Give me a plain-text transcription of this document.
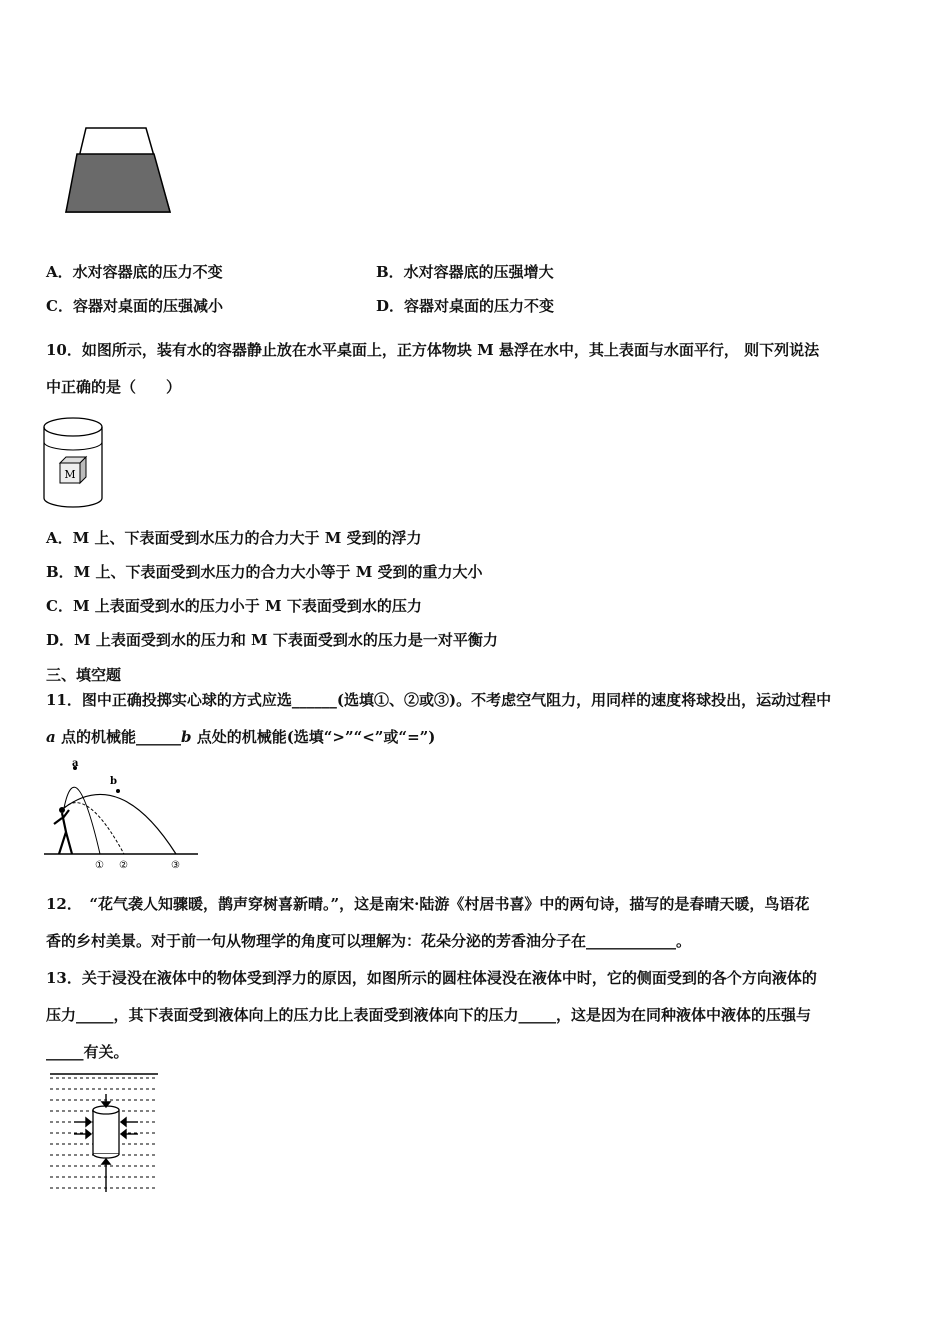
A．水对容器底的压力不变	B．水对容器底的压强增大
C．容器对桌面的压强减小	D．容器对桌面的压力不变
10．如图所示，装有水的容器静止放在水平桌面上，正方体物块 M 悬浮在水中，其上表面与水面平行， 则下列说法
中正确的是（　　）
M
A．M 上、下表面受到水压力的合力大于 M 受到的浮力
B．M 上、下表面受到水压力的合力大小等于 M 受到的重力大小
C．M 上表面受到水的压力小于 M 下表面受到水的压力
D．M 上表面受到水的压力和 M 下表面受到水的压力是一对平衡力
三、填空题
11．图中正确投掷实心球的方式应选______(选填①、②或③)。不考虑空气阻力，用同样的速度将球投出，运动过程中
a 点的机械能______b 点处的机械能(选填“>”“<”或“=”)
a
b
① ②	③
12．　“花气袭人知骤暖，鹊声穿树喜新晴。”，这是南宋·陆游《村居书喜》中的两句诗，描写的是春晴天暖，鸟语花
香的乡村美景。对于前一句从物理学的角度可以理解为：花朵分泌的芳香油分子在____________。
13．关于浸没在液体中的物体受到浮力的原因，如图所示的圆柱体浸没在液体中时，它的侧面受到的各个方向液体的
压力_____，其下表面受到液体向上的压力比上表面受到液体向下的压力_____，这是因为在同种液体中液体的压强与
_____有关。
